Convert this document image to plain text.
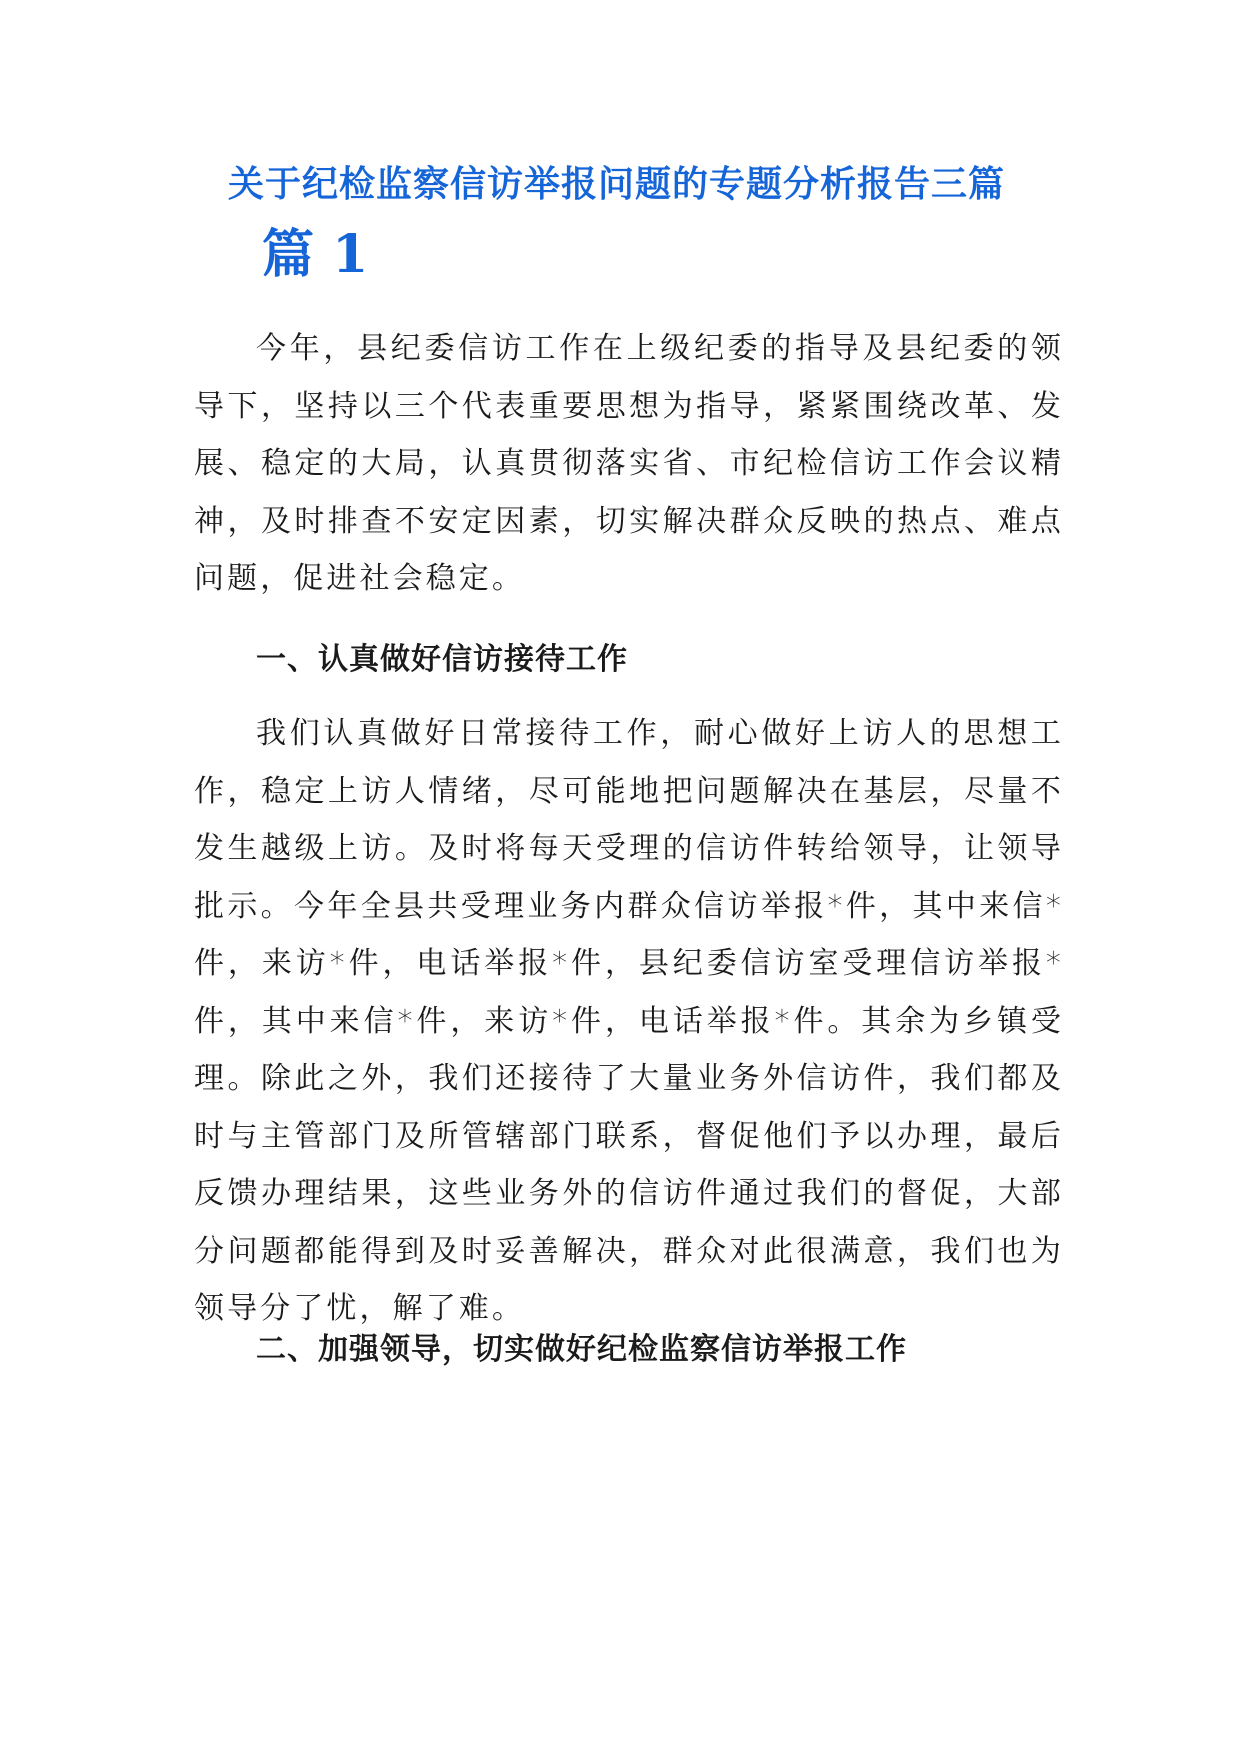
关于纪检监察信访举报问题的专题分析报告三篇
篇 1

今年，县纪委信访工作在上级纪委的指导及县纪委的领导下，坚持以三个代表重要思想为指导，紧紧围绕改革、发展、稳定的大局，认真贯彻落实省、市纪检信访工作会议精神，及时排查不安定因素，切实解决群众反映的热点、难点问题，促进社会稳定。

一、认真做好信访接待工作

我们认真做好日常接待工作，耐心做好上访人的思想工作，稳定上访人情绪，尽可能地把问题解决在基层，尽量不发生越级上访。及时将每天受理的信访件转给领导，让领导批示。今年全县共受理业务内群众信访举报*件，其中来信*件，来访*件，电话举报*件，县纪委信访室受理信访举报*件，其中来信*件，来访*件，电话举报*件。其余为乡镇受理。除此之外，我们还接待了大量业务外信访件，我们都及时与主管部门及所管辖部门联系，督促他们予以办理，最后反馈办理结果，这些业务外的信访件通过我们的督促，大部分问题都能得到及时妥善解决，群众对此很满意，我们也为领导分了忧，解了难。

二、加强领导，切实做好纪检监察信访举报工作
